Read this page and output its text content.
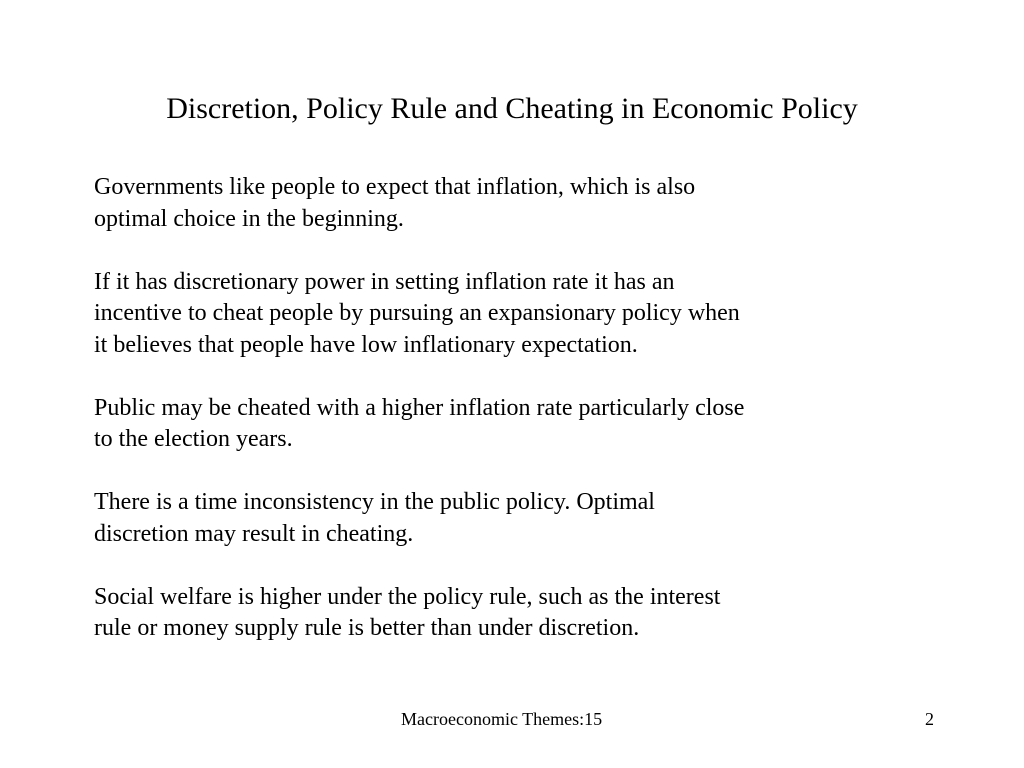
Discretion, Policy Rule and Cheating in Economic Policy

Governments like people to expect that inflation, which is also optimal choice in the beginning.

If it has discretionary power in setting inflation rate it has an incentive to cheat people by pursuing an expansionary policy when it believes that people have low inflationary expectation.

Public may be cheated with a higher inflation rate particularly close to the election years.

There is a time inconsistency in the public policy. Optimal discretion may result in cheating.

Social welfare is higher under the policy rule, such as the interest rule or money supply rule is better than under discretion.

Macroeconomic Themes:15	2
